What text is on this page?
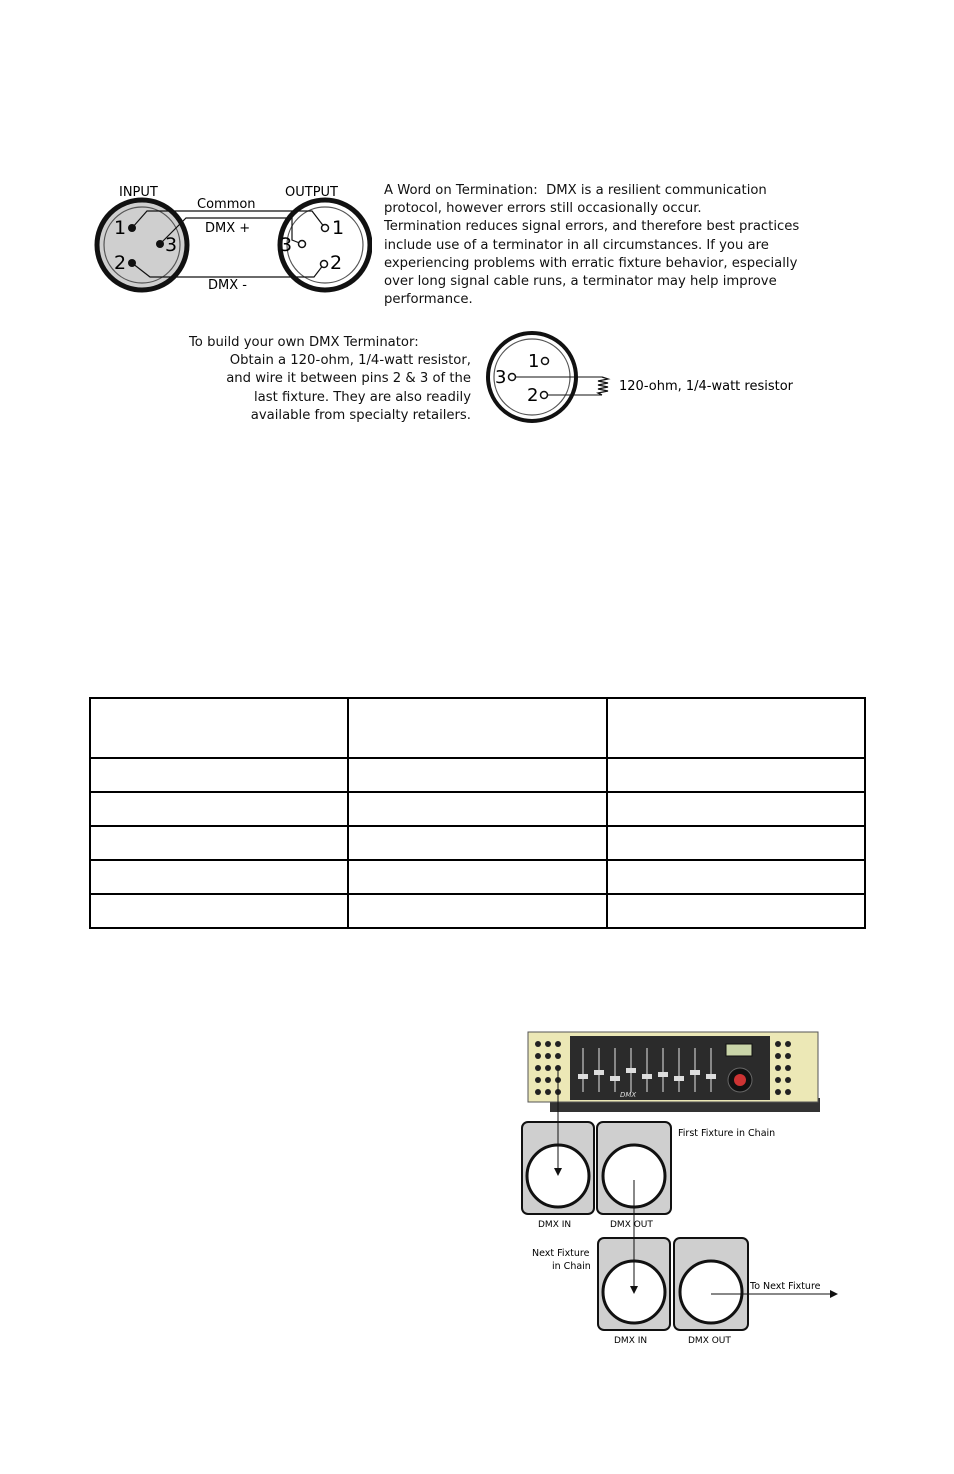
INPUT	OUTPUT
Common
DMX +
DMX -
1
3
2
3
1
2
A Word on Termination: DMX is a resilient communication
protocol, however errors still occasionally occur.
Termination reduces signal errors, and therefore best practices
include use of a terminator in all circumstances. If you are
experiencing problems with erratic fixture behavior, especially
over long signal cable runs, a terminator may help improve
performance.
To build your own DMX Terminator:
Obtain a 120-ohm, 1/4-watt resistor,
and wire it between pins 2 & 3 of the
last fixture. They are also readily
available from specialty retailers.
1
3
2	120-ohm, 1/4-watt resistor

DMX
First Fixture in Chain
DMX IN	DMX OUT
Next Fixture
in Chain
DMX IN	DMX OUT
To Next Fixture
